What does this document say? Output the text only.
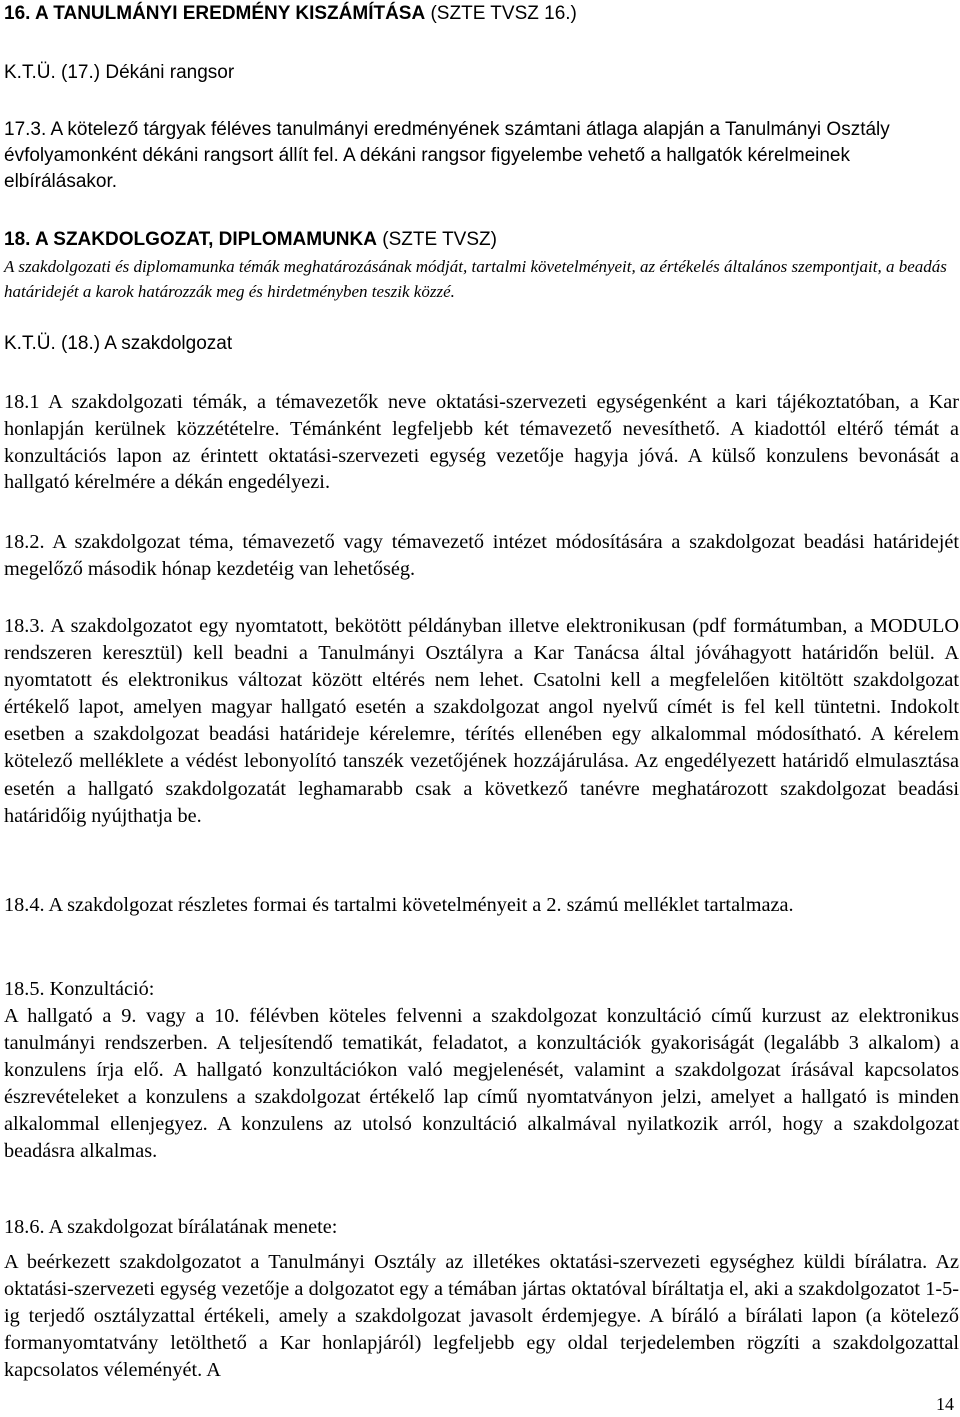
16. A TANULMÁNYI EREDMÉNY KISZÁMÍTÁSA (SZTE TVSZ 16.)

K.T.Ü. (17.) Dékáni rangsor

17.3. A kötelező tárgyak féléves tanulmányi eredményének számtani átlaga alapján a Tanulmányi Osztály évfolyamonként dékáni rangsort állít fel. A dékáni rangsor figyelembe vehető a hallgatók kérelmeinek elbírálásakor.

18. A SZAKDOLGOZAT, DIPLOMAMUNKA (SZTE TVSZ)

A szakdolgozati és diplomamunka témák meghatározásának módját, tartalmi követelményeit, az értékelés általános szempontjait, a beadás határidejét a karok határozzák meg és hirdetményben teszik közzé.

K.T.Ü. (18.) A szakdolgozat

18.1 A szakdolgozati témák, a témavezetők neve oktatási-szervezeti egységenként a kari tájékoztatóban, a Kar honlapján kerülnek közzétételre. Témánként legfeljebb két témavezető nevesíthető. A kiadottól eltérő témát a konzultációs lapon az érintett oktatási-szervezeti egység vezetője hagyja jóvá. A külső konzulens bevonását a hallgató kérelmére a dékán engedélyezi.

18.2. A szakdolgozat téma, témavezető vagy témavezető intézet módosítására a szakdolgozat beadási határidejét megelőző második hónap kezdetéig van lehetőség.

18.3. A szakdolgozatot egy nyomtatott, bekötött példányban illetve elektronikusan (pdf formátumban, a MODULO rendszeren keresztül) kell beadni a Tanulmányi Osztályra a Kar Tanácsa által jóváhagyott határidőn belül. A nyomtatott és elektronikus változat között eltérés nem lehet. Csatolni kell a megfelelően kitöltött szakdolgozat értékelő lapot, amelyen magyar hallgató esetén a szakdolgozat angol nyelvű címét is fel kell tüntetni. Indokolt esetben a szakdolgozat beadási határideje kérelemre, térítés ellenében egy alkalommal módosítható. A kérelem kötelező melléklete a védést lebonyolító tanszék vezetőjének hozzájárulása. Az engedélyezett határidő elmulasztása esetén a hallgató szakdolgozatát leghamarabb csak a következő tanévre meghatározott szakdolgozat beadási határidőig nyújthatja be.

18.4. A szakdolgozat részletes formai és tartalmi követelményeit a 2. számú melléklet tartalmaza.

18.5. Konzultáció:

A hallgató a 9. vagy a 10. félévben köteles felvenni a szakdolgozat konzultáció című kurzust az elektronikus tanulmányi rendszerben. A teljesítendő tematikát, feladatot, a konzultációk gyakoriságát (legalább 3 alkalom) a konzulens írja elő. A hallgató konzultációkon való megjelenését, valamint a szakdolgozat írásával kapcsolatos észrevételeket a konzulens a szakdolgozat értékelő lap című nyomtatványon jelzi, amelyet a hallgató is minden alkalommal ellenjegyez. A konzulens az utolsó konzultáció alkalmával nyilatkozik arról, hogy a szakdolgozat beadásra alkalmas.

18.6. A szakdolgozat bírálatának menete:

A beérkezett szakdolgozatot a Tanulmányi Osztály az illetékes oktatási-szervezeti egységhez küldi bírálatra. Az oktatási-szervezeti egység vezetője a dolgozatot egy a témában jártas oktatóval bíráltatja el, aki a szakdolgozatot 1-5-ig terjedő osztályzattal értékeli, amely a szakdolgozat javasolt érdemjegye. A bíráló a bírálati lapon (a kötelező formanyomtatvány letölthető a Kar honlapjáról) legfeljebb egy oldal terjedelemben rögzíti a szakdolgozattal kapcsolatos véleményét. A

14
